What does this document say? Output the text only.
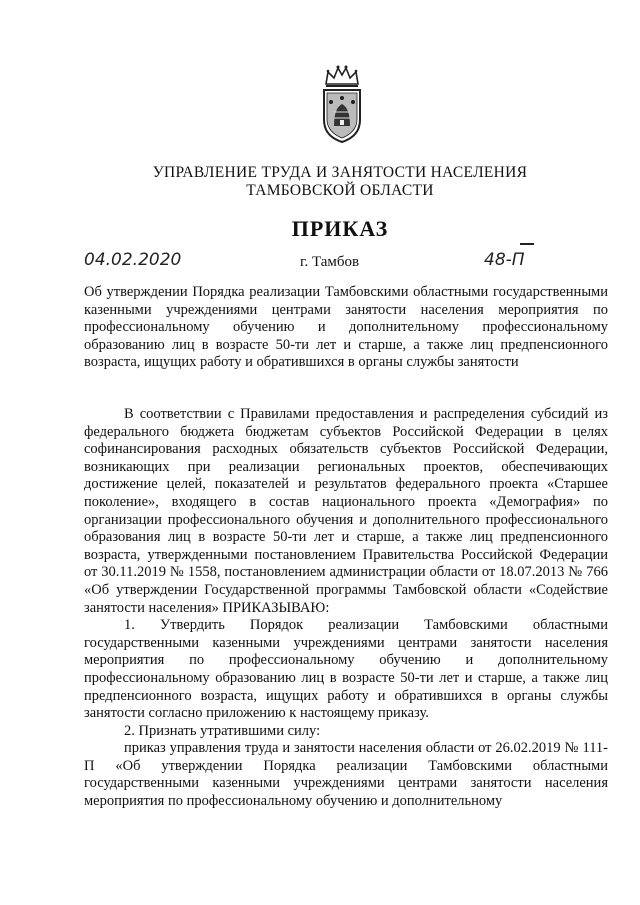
УПРАВЛЕНИЕ ТРУДА И ЗАНЯТОСТИ НАСЕЛЕНИЯ
ТАМБОВСКОЙ ОБЛАСТИ
ПРИКАЗ
04.02.2020	г. Тамбов	48-П
Об утверждении Порядка реализации Тамбовскими областными государственными казенными учреждениями центрами занятости населения мероприятия по профессиональному обучению и дополнительному профессиональному образованию лиц в возрасте 50-ти лет и старше, а также лиц предпенсионного возраста, ищущих работу и обратившихся в органы службы занятости

В соответствии с Правилами предоставления и распределения субсидий из федерального бюджета бюджетам субъектов Российской Федерации в целях софинансирования расходных обязательств субъектов Российской Федерации, возникающих при реализации региональных проектов, обеспечивающих достижение целей, показателей и результатов федерального проекта «Старшее поколение», входящего в состав национального проекта «Демография» по организации профессионального обучения и дополнительного профессионального образования лиц в возрасте 50-ти лет и старше, а также лиц предпенсионного возраста, утвержденными постановлением Правительства Российской Федерации от 30.11.2019 № 1558, постановлением администрации области от 18.07.2013 № 766 «Об утверждении Государственной программы Тамбовской области «Содействие занятости населения» ПРИКАЗЫВАЮ:

1. Утвердить Порядок реализации Тамбовскими областными государственными казенными учреждениями центрами занятости населения мероприятия по профессиональному обучению и дополнительному профессиональному образованию лиц в возрасте 50-ти лет и старше, а также лиц предпенсионного возраста, ищущих работу и обратившихся в органы службы занятости согласно приложению к настоящему приказу.

2. Признать утратившими силу:

приказ управления труда и занятости населения области от 26.02.2019 № 111-П «Об утверждении Порядка реализации Тамбовскими областными государственными казенными учреждениями центрами занятости населения мероприятия по профессиональному обучению и дополнительному
